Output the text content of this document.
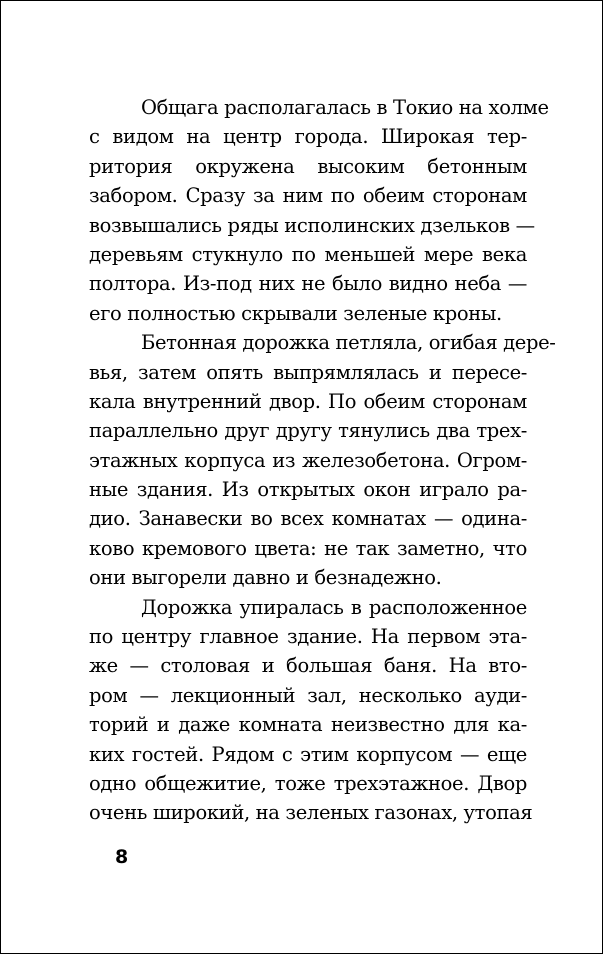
Общага располагалась в Токио на холме
с видом на центр города. Широкая тер-
ритория окружена высоким бетонным
забором. Сразу за ним по обеим сторонам
возвышались ряды исполинских дзельков —
деревьям стукнуло по меньшей мере века
полтора. Из-под них не было видно неба —
его полностью скрывали зеленые кроны.
Бетонная дорожка петляла, огибая дере-
вья, затем опять выпрямлялась и пересе-
кала внутренний двор. По обеим сторонам
параллельно друг другу тянулись два трех-
этажных корпуса из железобетона. Огром-
ные здания. Из открытых окон играло ра-
дио. Занавески во всех комнатах — одина-
ково кремового цвета: не так заметно, что
они выгорели давно и безнадежно.
Дорожка упиралась в расположенное
по центру главное здание. На первом эта-
же — столовая и большая баня. На вто-
ром — лекционный зал, несколько ауди-
торий и даже комната неизвестно для ка-
ких гостей. Рядом с этим корпусом — еще
одно общежитие, тоже трехэтажное. Двор
очень широкий, на зеленых газонах, утопая
8
